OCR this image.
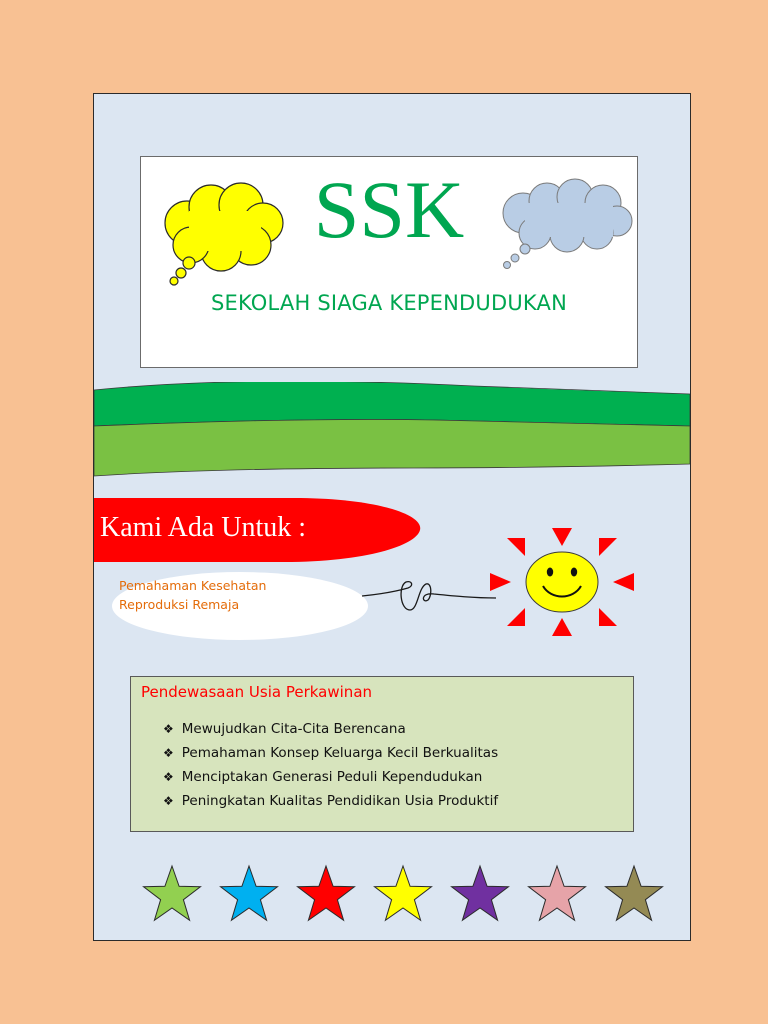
SSK
SEKOLAH SIAGA KEPENDUDUKAN
Kami Ada Untuk :
Pemahaman Kesehatan
Reproduksi Remaja
Pendewasaan Usia Perkawinan
❖ Mewujudkan Cita-Cita Berencana
❖ Pemahaman Konsep Keluarga Kecil Berkualitas
❖ Menciptakan Generasi Peduli Kependudukan
❖ Peningkatan Kualitas Pendidikan Usia Produktif
